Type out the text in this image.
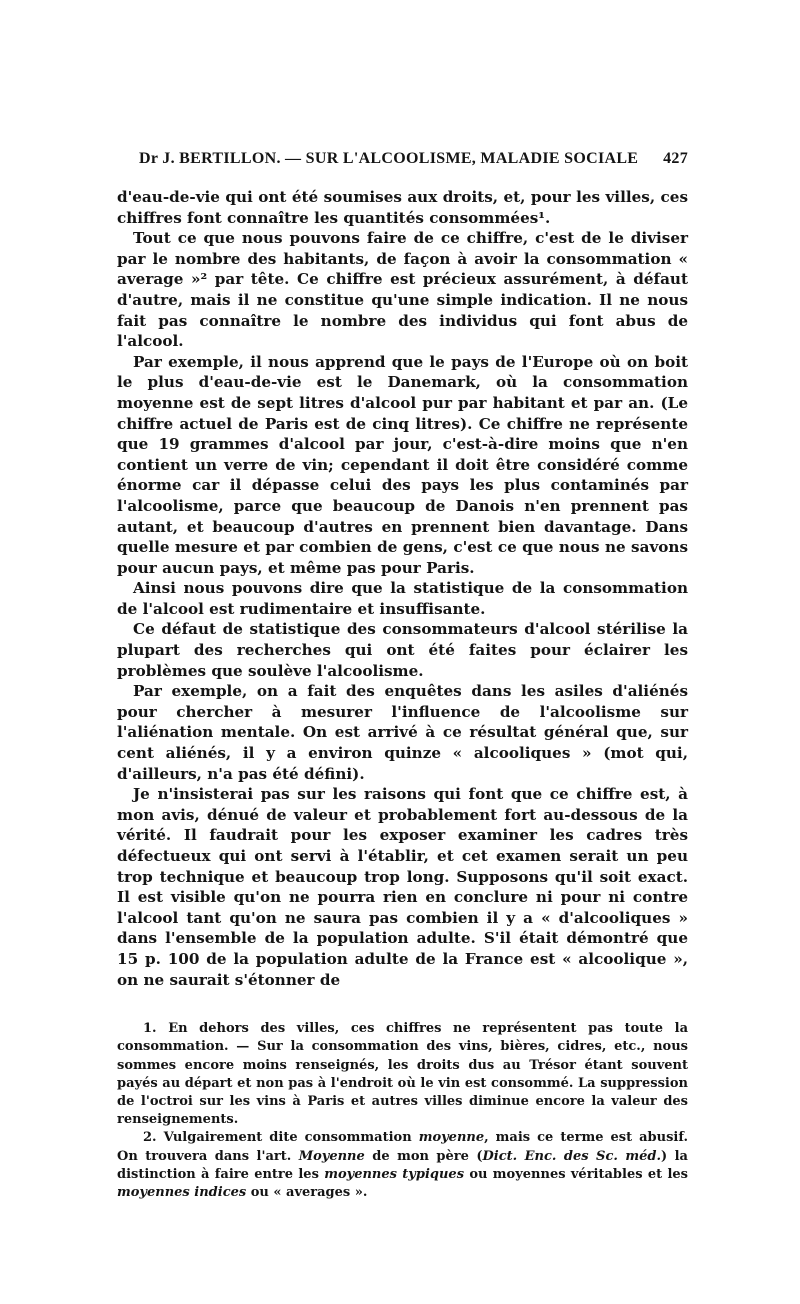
Dr J. BERTILLON. — SUR L'ALCOOLISME, MALADIE SOCIALE 427

d'eau-de-vie qui ont été soumises aux droits, et, pour les villes, ces chiffres font connaître les quantités consommées¹.

Tout ce que nous pouvons faire de ce chiffre, c'est de le diviser par le nombre des habitants, de façon à avoir la consommation « average »² par tête. Ce chiffre est précieux assurément, à défaut d'autre, mais il ne constitue qu'une simple indication. Il ne nous fait pas connaître le nombre des individus qui font abus de l'alcool.

Par exemple, il nous apprend que le pays de l'Europe où on boit le plus d'eau-de-vie est le Danemark, où la consommation moyenne est de sept litres d'alcool pur par habitant et par an. (Le chiffre actuel de Paris est de cinq litres). Ce chiffre ne représente que 19 grammes d'alcool par jour, c'est-à-dire moins que n'en contient un verre de vin; cependant il doit être considéré comme énorme car il dépasse celui des pays les plus contaminés par l'alcoolisme, parce que beaucoup de Danois n'en prennent pas autant, et beaucoup d'autres en prennent bien davantage. Dans quelle mesure et par combien de gens, c'est ce que nous ne savons pour aucun pays, et même pas pour Paris.

Ainsi nous pouvons dire que la statistique de la consommation de l'alcool est rudimentaire et insuffisante.

Ce défaut de statistique des consommateurs d'alcool stérilise la plupart des recherches qui ont été faites pour éclairer les problèmes que soulève l'alcoolisme.

Par exemple, on a fait des enquêtes dans les asiles d'aliénés pour chercher à mesurer l'influence de l'alcoolisme sur l'aliénation mentale. On est arrivé à ce résultat général que, sur cent aliénés, il y a environ quinze « alcooliques » (mot qui, d'ailleurs, n'a pas été défini).

Je n'insisterai pas sur les raisons qui font que ce chiffre est, à mon avis, dénué de valeur et probablement fort au-dessous de la vérité. Il faudrait pour les exposer examiner les cadres très défectueux qui ont servi à l'établir, et cet examen serait un peu trop technique et beaucoup trop long. Supposons qu'il soit exact. Il est visible qu'on ne pourra rien en conclure ni pour ni contre l'alcool tant qu'on ne saura pas combien il y a « d'alcooliques » dans l'ensemble de la population adulte. S'il était démontré que 15 p. 100 de la population adulte de la France est « alcoolique », on ne saurait s'étonner de

1. En dehors des villes, ces chiffres ne représentent pas toute la consommation. — Sur la consommation des vins, bières, cidres, etc., nous sommes encore moins renseignés, les droits dus au Trésor étant souvent payés au départ et non pas à l'endroit où le vin est consommé. La suppression de l'octroi sur les vins à Paris et autres villes diminue encore la valeur des renseignements.

2. Vulgairement dite consommation moyenne, mais ce terme est abusif. On trouvera dans l'art. Moyenne de mon père (Dict. Enc. des Sc. méd.) la distinction à faire entre les moyennes typiques ou moyennes véritables et les moyennes indices ou « averages ».
